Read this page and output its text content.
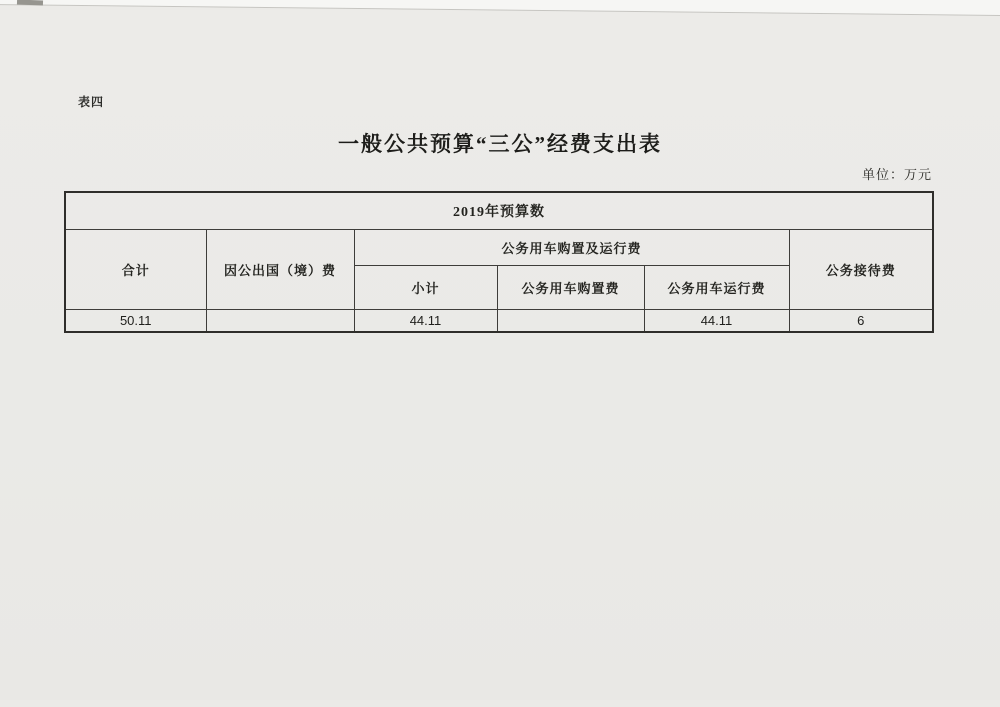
表四
一般公共预算“三公”经费支出表
单位：万元
2019年预算数					
合计	因公出国（境）费	公务用车购置及运行费			公务接待费
		小计	公务用车购置费	公务用车运行费	
50.11		44.11		44.11	6
